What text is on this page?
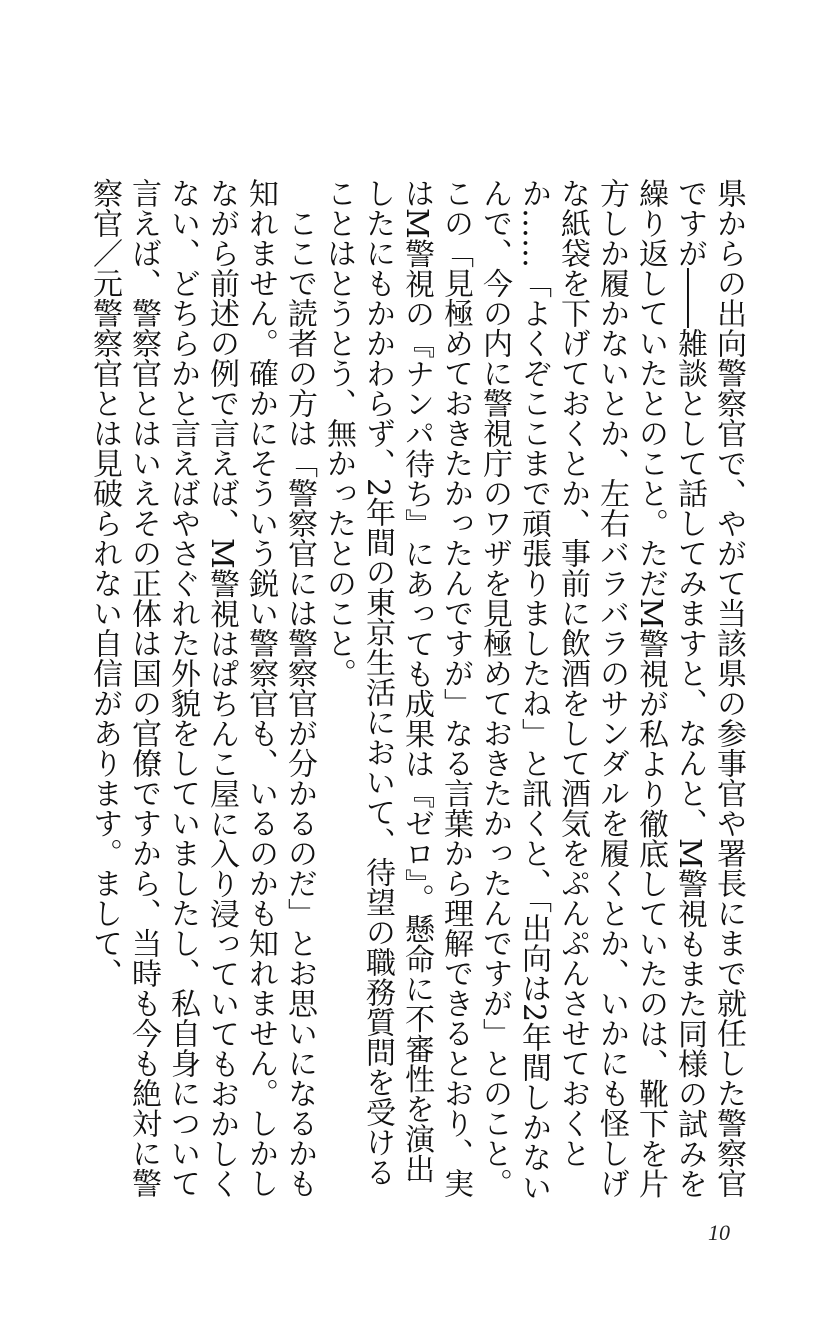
県からの出向警察官で、やがて当該県の参事官や署長にまで就任した警察官ですが――雑談として話してみますと、なんと、M警視もまた同様の試みを繰り返していたとのこと。ただM警視が私より徹底していたのは、靴下を片方しか履かないとか、左右バラバラのサンダルを履くとか、いかにも怪しげな紙袋を下げておくとか、事前に飲酒をして酒気をぷんぷんさせておくとか……「よくぞここまで頑張りましたね」と訊くと、「出向は2年間しかないんで、今の内に警視庁のワザを見極めておきたかったんですが」とのこと。この「見極めておきたかったんですが」なる言葉から理解できるとおり、実はM警視の『ナンパ待ち』にあっても成果は『ゼロ』。懸命に不審性を演出したにもかかわらず、2年間の東京生活において、待望の職務質問を受けることはとうとう、無かったとのこと。

ここで読者の方は「警察官には警察官が分かるのだ」とお思いになるかも知れません。確かにそういう鋭い警察官も、いるのかも知れません。しかしながら前述の例で言えば、M警視はぱちんこ屋に入り浸っていてもおかしくない、どちらかと言えばやさぐれた外貌をしていましたし、私自身について言えば、警察官とはいえその正体は国の官僚ですから、当時も今も絶対に警察官／元警察官とは見破られない自信があります。まして、

10
